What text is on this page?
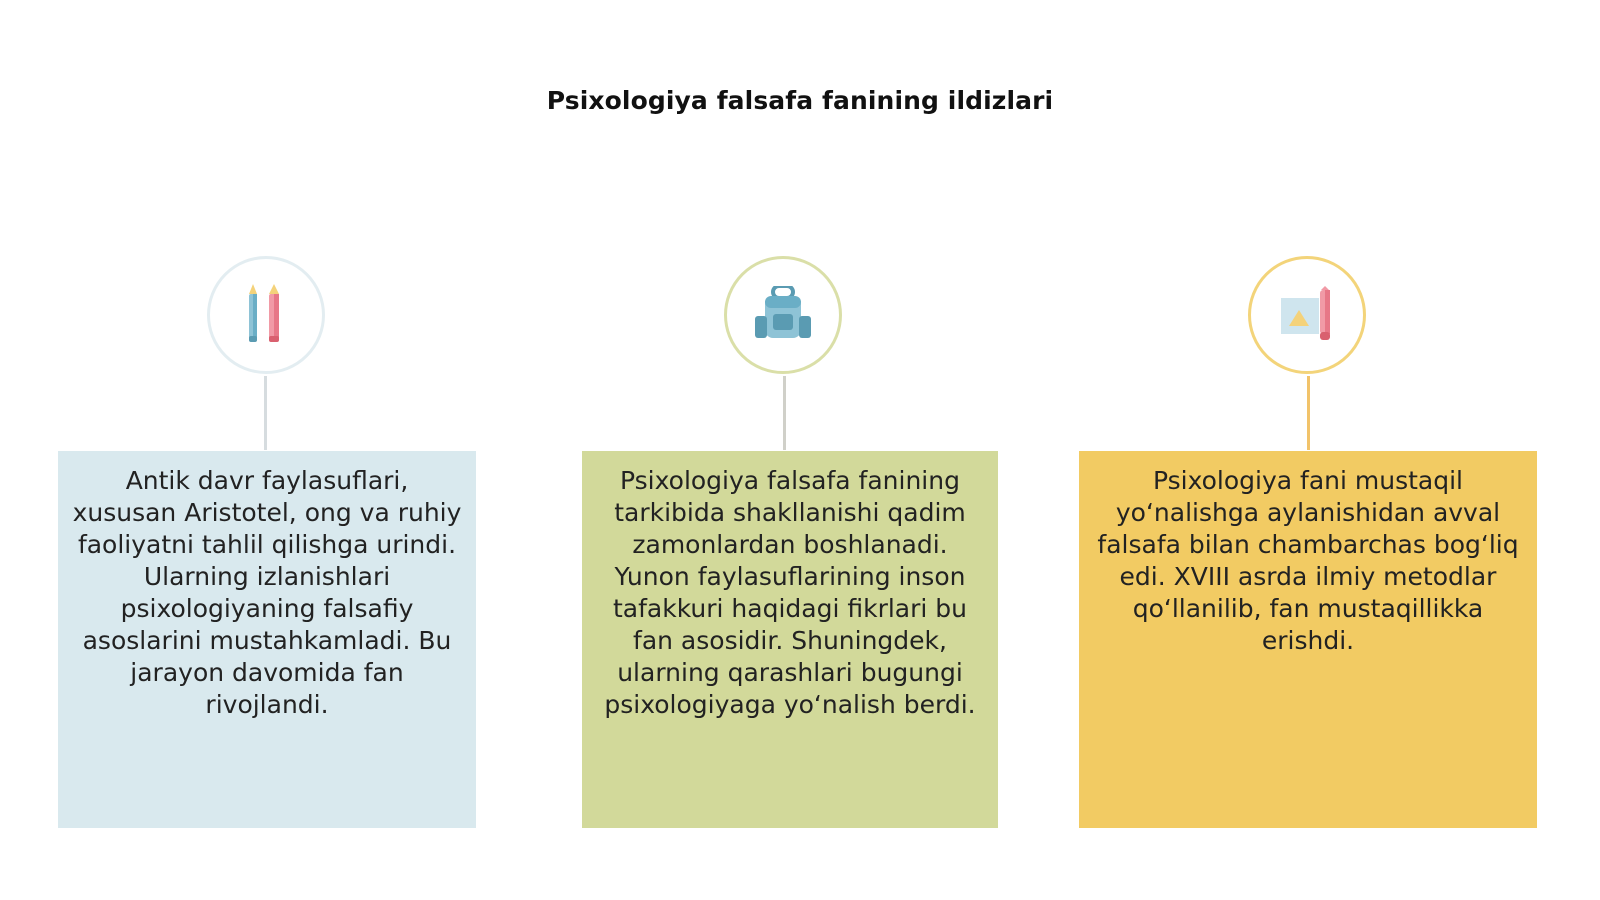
Psixologiya falsafa fanining ildizlari

Antik davr faylasuflari, xususan Aristotel, ong va ruhiy faoliyatni tahlil qilishga urindi. Ularning izlanishlari psixologiyaning falsafiy asoslarini mustahkamladi. Bu jarayon davomida fan rivojlandi.

Psixologiya falsafa fanining tarkibida shakllanishi qadim zamonlardan boshlanadi. Yunon faylasuflarining inson tafakkuri haqidagi fikrlari bu fan asosidir. Shuningdek, ularning qarashlari bugungi psixologiyaga yo‘nalish berdi.

Psixologiya fani mustaqil yo‘nalishga aylanishidan avval falsafa bilan chambarchas bog‘liq edi. XVIII asrda ilmiy metodlar qo‘llanilib, fan mustaqillikka erishdi.
